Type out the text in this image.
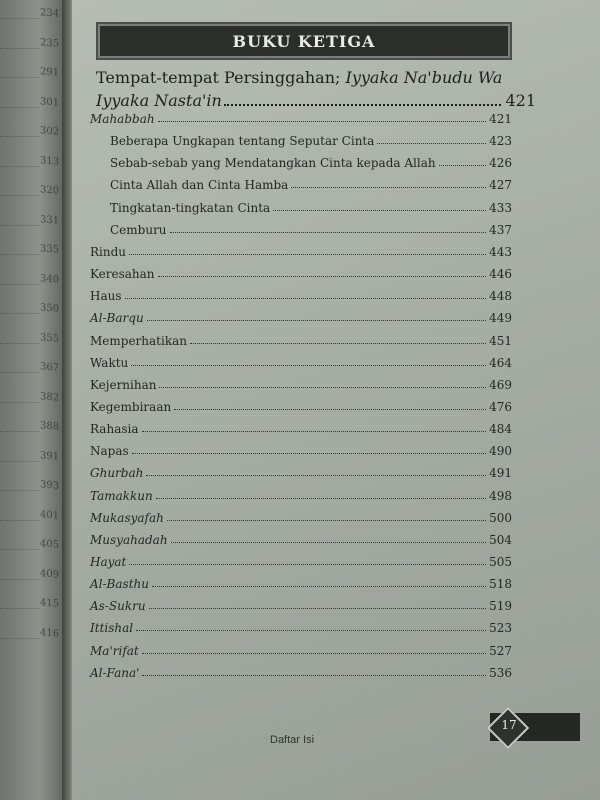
234
235
291
301
302
313
320
331
335
340
350
355
367
382
388
391
393
401
405
409
415
416
BUKU KETIGA
Tempat-tempat Persinggahan; Iyyaka Na'budu Wa
Iyyaka Nasta'in	421
Mahabbah	421
Beberapa Ungkapan tentang Seputar Cinta	423
Sebab-sebab yang Mendatangkan Cinta kepada Allah	426
Cinta Allah dan Cinta Hamba	427
Tingkatan-tingkatan Cinta	433
Cemburu	437
Rindu	443
Keresahan	446
Haus	448
Al-Barqu	449
Memperhatikan	451
Waktu	464
Kejernihan	469
Kegembiraan	476
Rahasia	484
Napas	490
Ghurbah	491
Tamakkun	498
Mukasyafah	500
Musyahadah	504
Hayat	505
Al-Basthu	518
As-Sukru	519
Ittishal	523
Ma'rifat	527
Al-Fana'	536
Daftar Isi
17
